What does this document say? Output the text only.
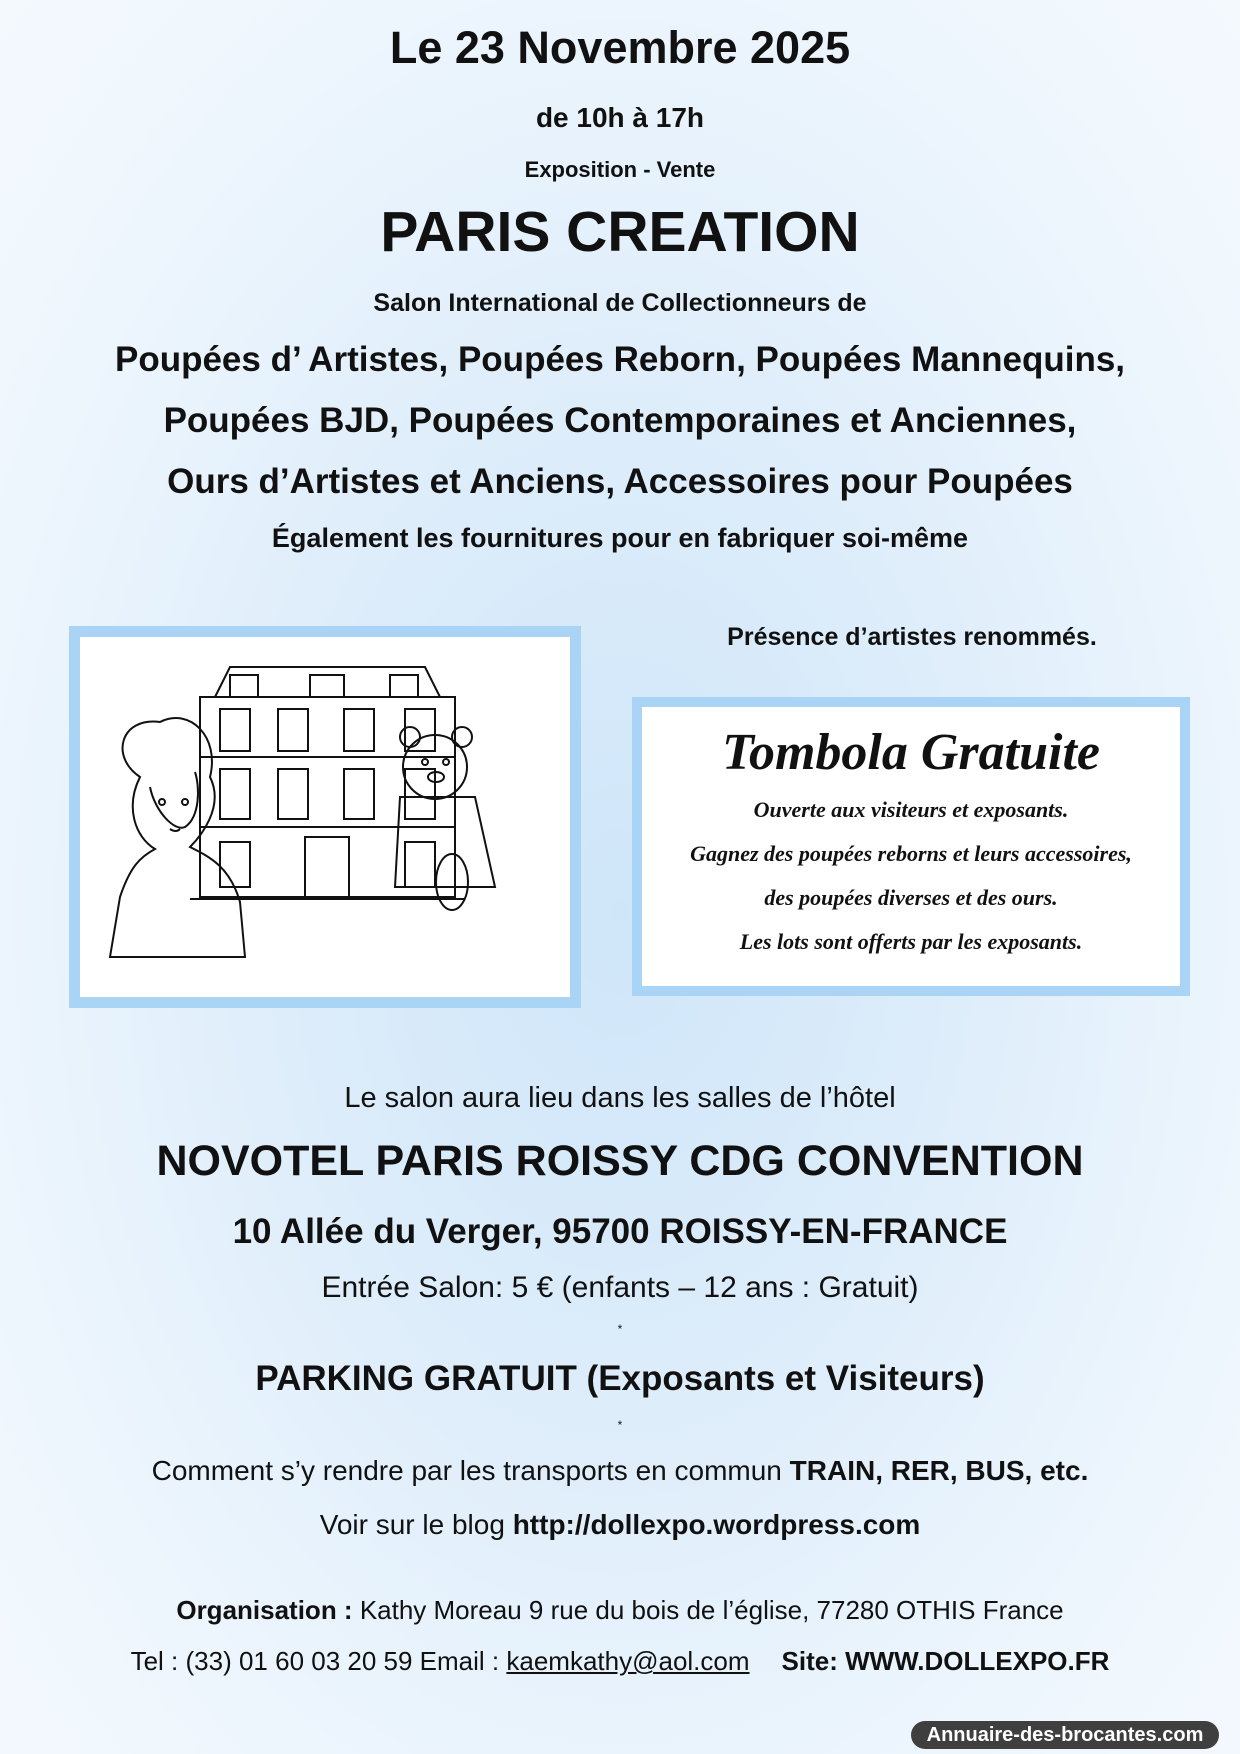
Le 23 Novembre 2025
de 10h à 17h
Exposition - Vente
PARIS CREATION
Salon International de Collectionneurs de
Poupées d’ Artistes, Poupées Reborn, Poupées Mannequins,
Poupées BJD, Poupées Contemporaines et Anciennes,
Ours d’Artistes et Anciens, Accessoires pour Poupées
Également les fournitures pour en fabriquer soi-même
Présence d’artistes renommés.
Tombola Gratuite
Ouverte aux visiteurs et exposants.
Gagnez des poupées reborns et leurs accessoires,
des poupées diverses et des ours.
Les lots sont offerts par les exposants.
Le salon aura lieu dans les salles de l’hôtel
NOVOTEL PARIS ROISSY CDG CONVENTION
10 Allée du Verger, 95700 ROISSY-EN-FRANCE
Entrée Salon: 5 € (enfants – 12 ans : Gratuit)
*
PARKING GRATUIT (Exposants et Visiteurs)
*
Comment s’y rendre par les transports en commun TRAIN, RER, BUS, etc.
Voir sur le blog http://dollexpo.wordpress.com
Organisation : Kathy Moreau 9 rue du bois de l’église, 77280 OTHIS France
Tel : (33) 01 60 03 20 59 Email : kaemkathy@aol.com Site: WWW.DOLLEXPO.FR
Annuaire-des-brocantes.com
